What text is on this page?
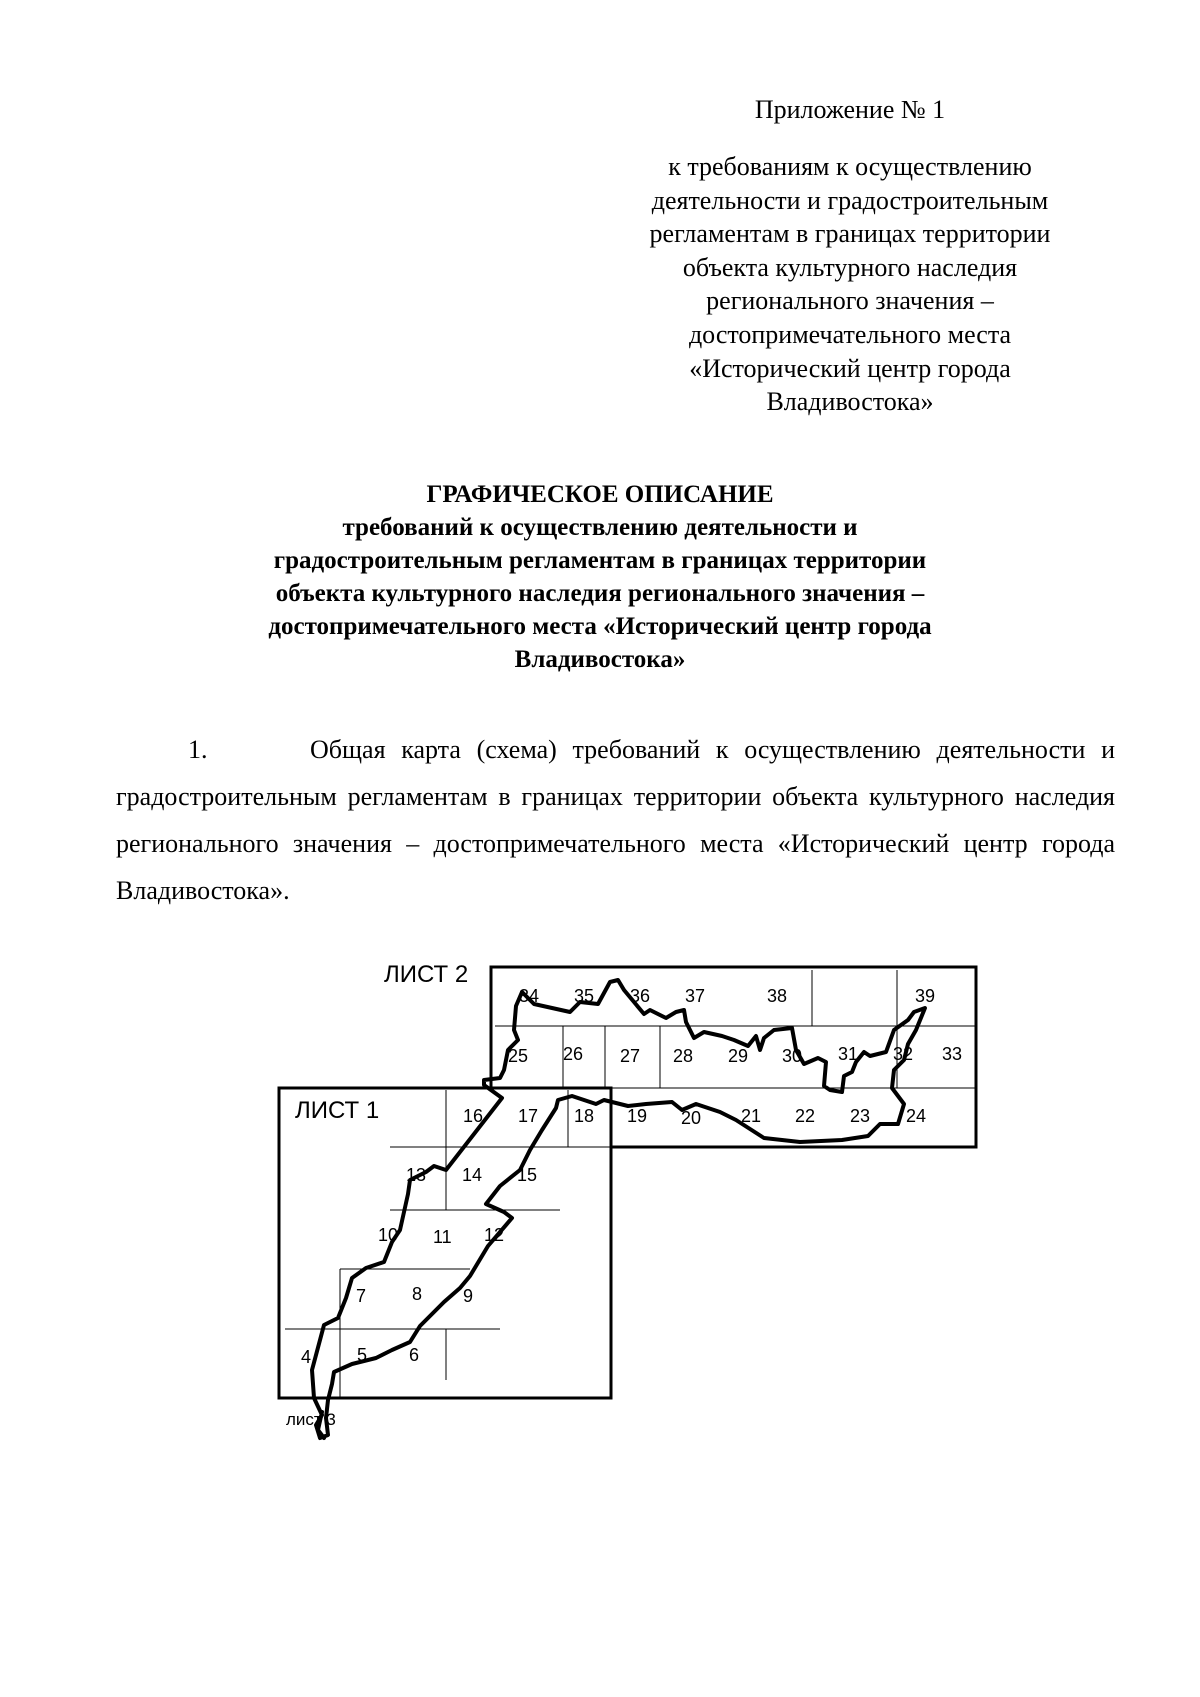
Приложение № 1
к требованиям к осуществлению
деятельности и градостроительным
регламентам в границах территории
объекта культурного наследия
регионального значения –
достопримечательного места
«Исторический центр города
Владивостока»
ГРАФИЧЕСКОЕ ОПИСАНИЕ
требований к осуществлению деятельности и
градостроительным регламентам в границах территории
объекта культурного наследия регионального значения –
достопримечательного места «Исторический центр города
Владивостока»
1.	Общая карта (схема) требований к осуществлению деятельности и градостроительным регламентам в границах территории объекта культурного наследия регионального значения – достопримечательного места «Исторический центр города Владивостока».
ЛИСТ 2
ЛИСТ 1
лист 3
4	5 6
7	8 9
10 11 12
13 14 15
16 17 18 19 20 21 22 23 24
25 26 27 28 29 30 31 32 33
34 35 36 37	38	39
